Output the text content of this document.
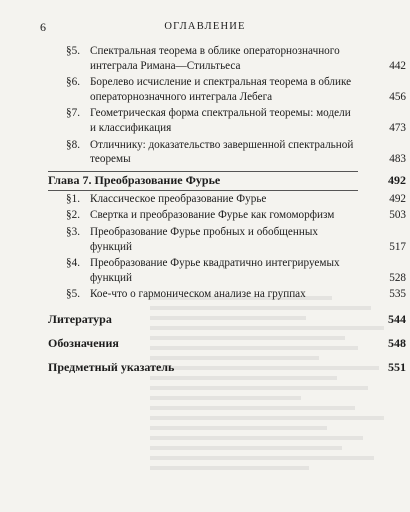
6	ОГЛАВЛЕНИЕ
§5. Спектральная теорема в облике операторнозначного интеграла Римана—Стильтьеса	442
§6. Борелево исчисление и спектральная теорема в облике операторнозначного интеграла Лебега	456
§7. Геометрическая форма спектральной теоремы: модели и классификация	473
§8. Отличнику: доказательство завершенной спектральной теоремы	483
Глава 7. Преобразование Фурье	492
§1. Классическое преобразование Фурье	492
§2. Свертка и преобразование Фурье как гомоморфизм	503
§3. Преобразование Фурье пробных и обобщенных функций	517
§4. Преобразование Фурье квадратично интегрируемых функций	528
§5. Кое-что о гармоническом анализе на группах	535
Литература	544
Обозначения	548
Предметный указатель	551
